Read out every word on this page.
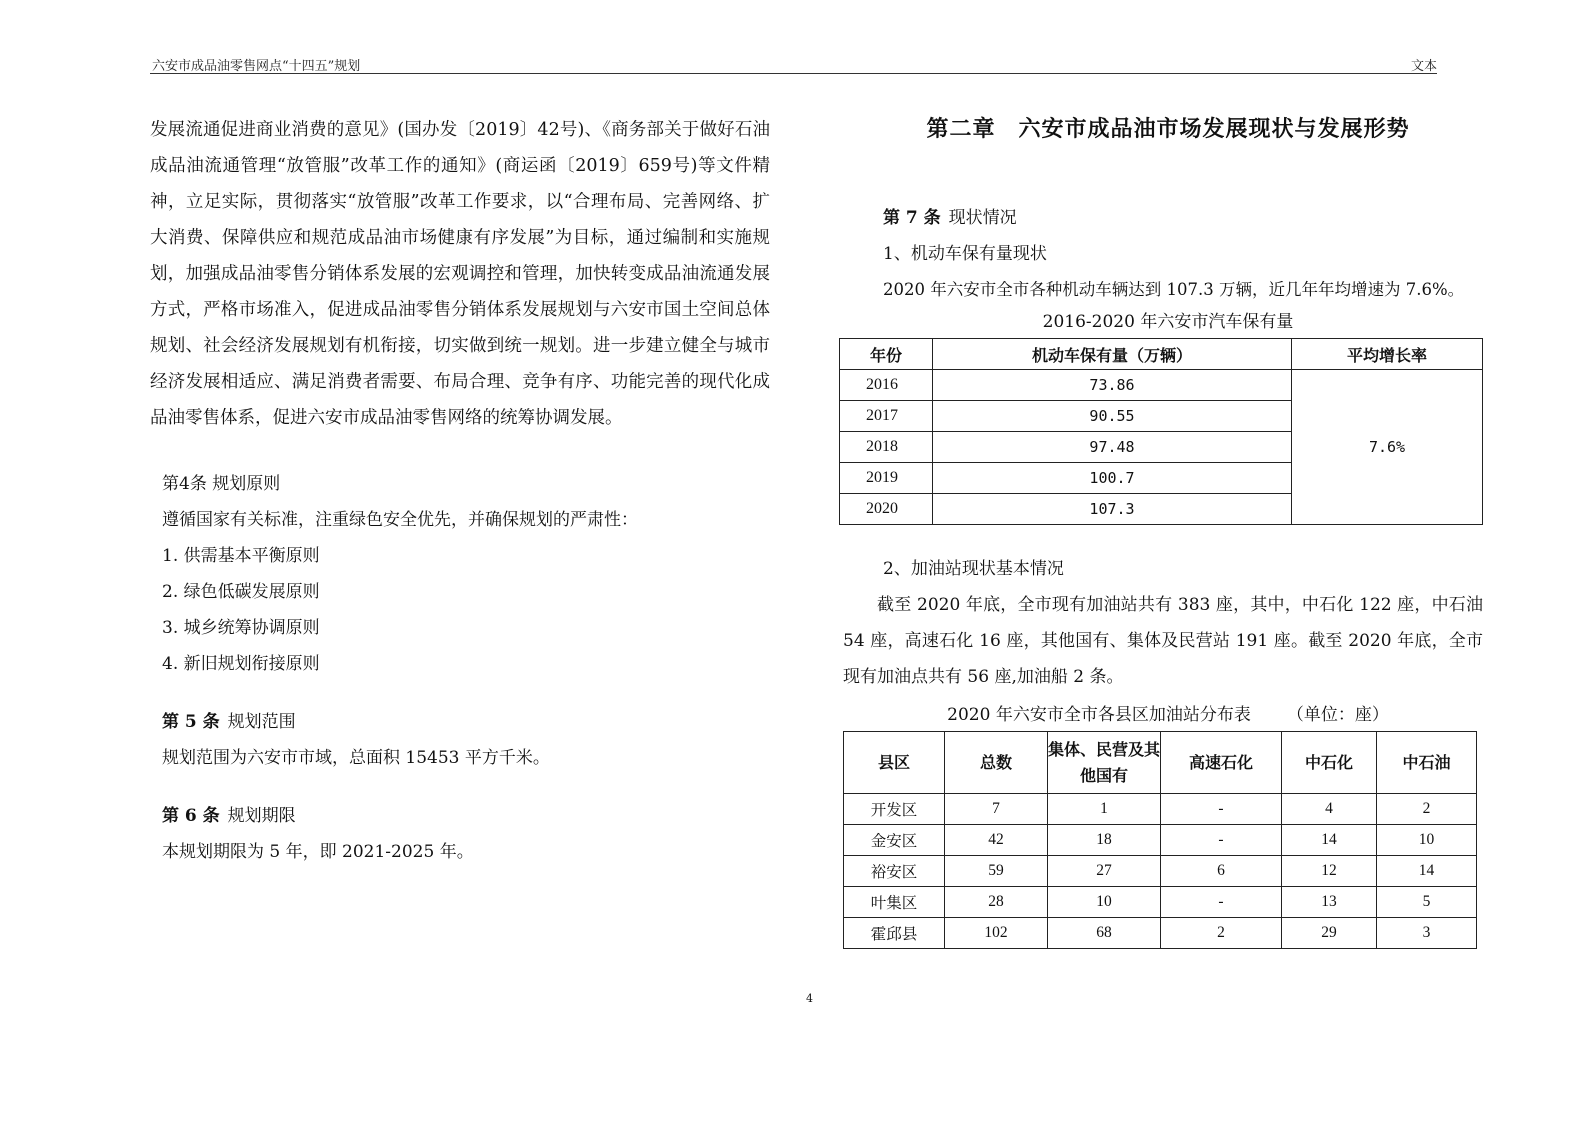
六安市成品油零售网点“十四五”规划	文本

发展流通促进商业消费的意见》(国办发〔2019〕42号)、《商务部关于做好石油成品油流通管理“放管服”改革工作的通知》(商运函〔2019〕659号)等文件精神，立足实际，贯彻落实“放管服”改革工作要求，以“合理布局、完善网络、扩大消费、保障供应和规范成品油市场健康有序发展”为目标，通过编制和实施规划，加强成品油零售分销体系发展的宏观调控和管理，加快转变成品油流通发展方式，严格市场准入，促进成品油零售分销体系发展规划与六安市国土空间总体规划、社会经济发展规划有机衔接，切实做到统一规划。进一步建立健全与城市经济发展相适应、满足消费者需要、布局合理、竞争有序、功能完善的现代化成品油零售体系，促进六安市成品油零售网络的统筹协调发展。

第4条 规划原则

遵循国家有关标准，注重绿色安全优先，并确保规划的严肃性：

1. 供需基本平衡原则

2. 绿色低碳发展原则

3. 城乡统筹协调原则

4. 新旧规划衔接原则

第 5 条 规划范围

规划范围为六安市市域，总面积 15453 平方千米。

第 6 条 规划期限

本规划期限为 5 年，即 2021-2025 年。

第二章　六安市成品油市场发展现状与发展形势

第 7 条 现状情况

1、机动车保有量现状

2020 年六安市全市各种机动车辆达到 107.3 万辆，近几年年均增速为 7.6%。

2016-2020 年六安市汽车保有量

年份	机动车保有量（万辆）	平均增长率
2016	73.86	7.6%
2017	90.55	
2018	97.48	
2019	100.7	
2020	107.3	

2、加油站现状基本情况

截至 2020 年底，全市现有加油站共有 383 座，其中，中石化 122 座，中石油 54 座，高速石化 16 座，其他国有、集体及民营站 191 座。截至 2020 年底，全市现有加油点共有 56 座,加油船 2 条。

2020 年六安市全市各县区加油站分布表 （单位：座）

县区	总数	集体、民营及其他国有	高速石化	中石化	中石油
开发区	7	1	-	4	2
金安区	42	18	-	14	10
裕安区	59	27	6	12	14
叶集区	28	10	-	13	5
霍邱县	102	68	2	29	3
4
